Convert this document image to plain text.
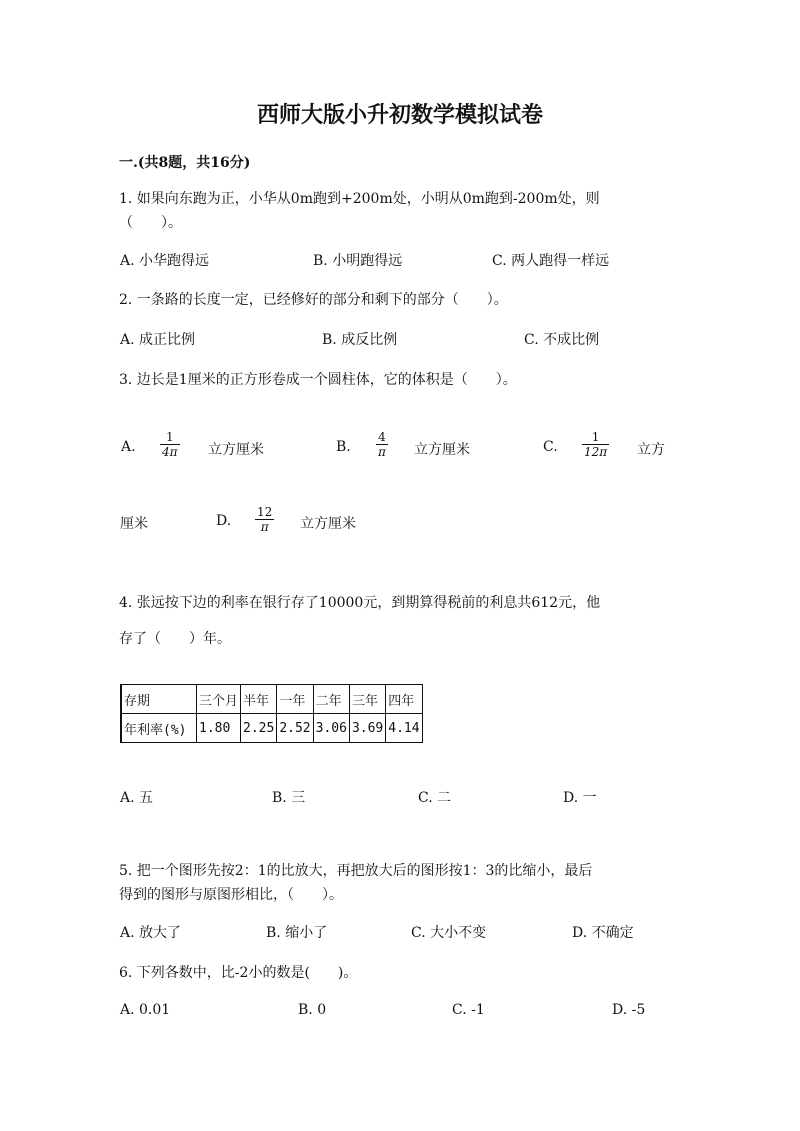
西师大版小升初数学模拟试卷
一.(共8题，共16分)
1. 如果向东跑为正，小华从0m跑到+200m处，小明从0m跑到-200m处，则
（　　）。
A. 小华跑得远	B. 小明跑得远	C. 两人跑得一样远
2. 一条路的长度一定，已经修好的部分和剩下的部分（　　）。
A. 成正比例	B. 成反比例	C. 不成比例
3. 边长是1厘米的正方形卷成一个圆柱体，它的体积是（　　）。
A. $\frac{1}{4\pi}$ 立方厘米	B. $\frac{4}{\pi}$ 立方厘米	C. $\frac{1}{12\pi}$ 立方
厘米	D. $\frac{12}{\pi}$ 立方厘米
4. 张远按下边的利率在银行存了10000元，到期算得税前的利息共612元，他
存了（　　）年。
存期	三个月	半年	一年	二年	三年	四年
年利率(%)	1.80	2.25	2.52	3.06	3.69	4.14
A. 五	B. 三	C. 二	D. 一
5. 把一个图形先按2：1的比放大，再把放大后的图形按1：3的比缩小，最后
得到的图形与原图形相比，（　　）。
A. 放大了	B. 缩小了	C. 大小不变	D. 不确定
6. 下列各数中，比-2小的数是(　　)。
A. 0.01	B. 0	C. -1	D. -5
